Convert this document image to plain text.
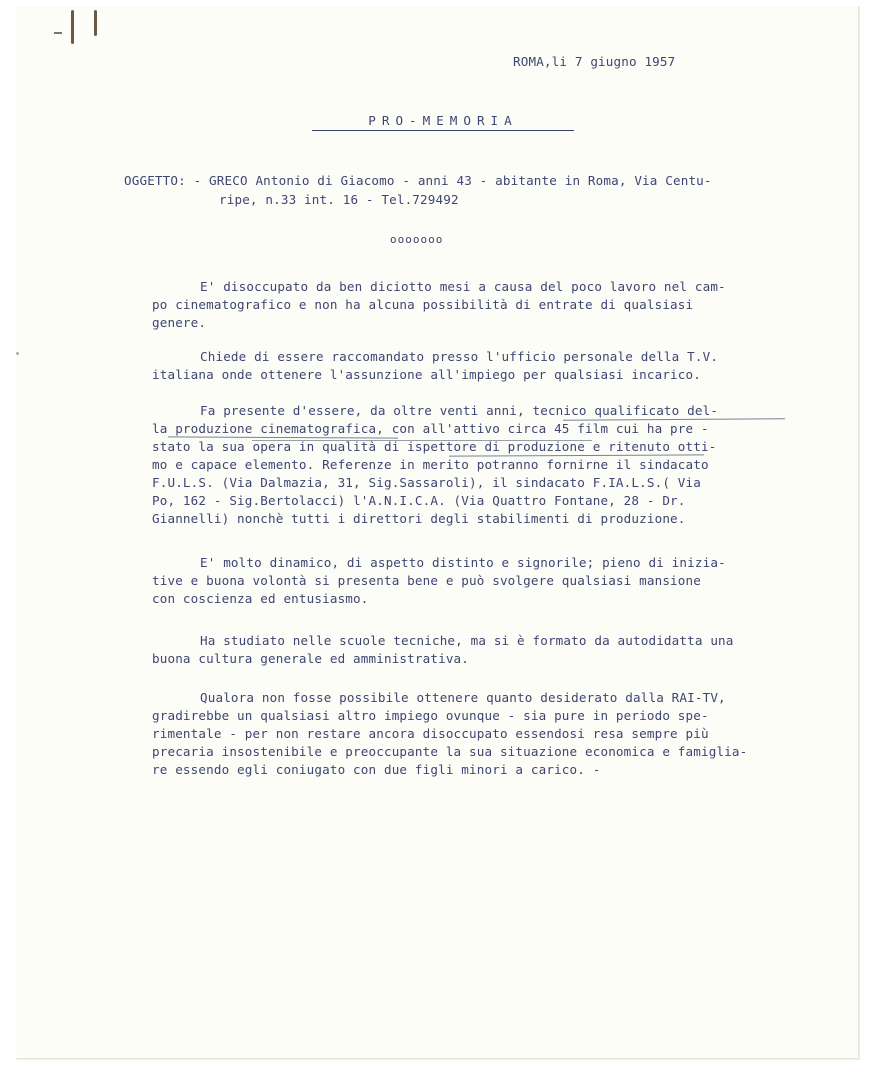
ROMA,li 7 giugno 1957
PRO-MEMORIA
OGGETTO: - GRECO Antonio di Giacomo - anni 43 - abitante in Roma, Via Centu-
ripe, n.33 int. 16 - Tel.729492
ooooooo
E' disoccupato da ben diciotto mesi a causa del poco lavoro nel cam-
po cinematografico e non ha alcuna possibilità di entrate di qualsiasi
genere.
Chiede di essere raccomandato presso l'ufficio personale della T.V.
italiana onde ottenere l'assunzione all'impiego per qualsiasi incarico.
Fa presente d'essere, da oltre venti anni, tecnico qualificato del-
la produzione cinematografica, con all'attivo circa 45 film cui ha pre -
stato la sua opera in qualità di ispettore di produzione e ritenuto otti-
mo e capace elemento. Referenze in merito potranno fornirne il sindacato
F.U.L.S. (Via Dalmazia, 31, Sig.Sassaroli), il sindacato F.IA.L.S.( Via
Po, 162 - Sig.Bertolacci) l'A.N.I.C.A. (Via Quattro Fontane, 28 - Dr.
Giannelli) nonchè tutti i direttori degli stabilimenti di produzione.
E' molto dinamico, di aspetto distinto e signorile; pieno di inizia-
tive e buona volontà si presenta bene e può svolgere qualsiasi mansione
con coscienza ed entusiasmo.
Ha studiato nelle scuole tecniche, ma si è formato da autodidatta una
buona cultura generale ed amministrativa.
Qualora non fosse possibile ottenere quanto desiderato dalla RAI-TV,
gradirebbe un qualsiasi altro impiego ovunque - sia pure in periodo spe-
rimentale - per non restare ancora disoccupato essendosi resa sempre più
precaria insostenibile e preoccupante la sua situazione economica e famiglia-
re essendo egli coniugato con due figli minori a carico. -
